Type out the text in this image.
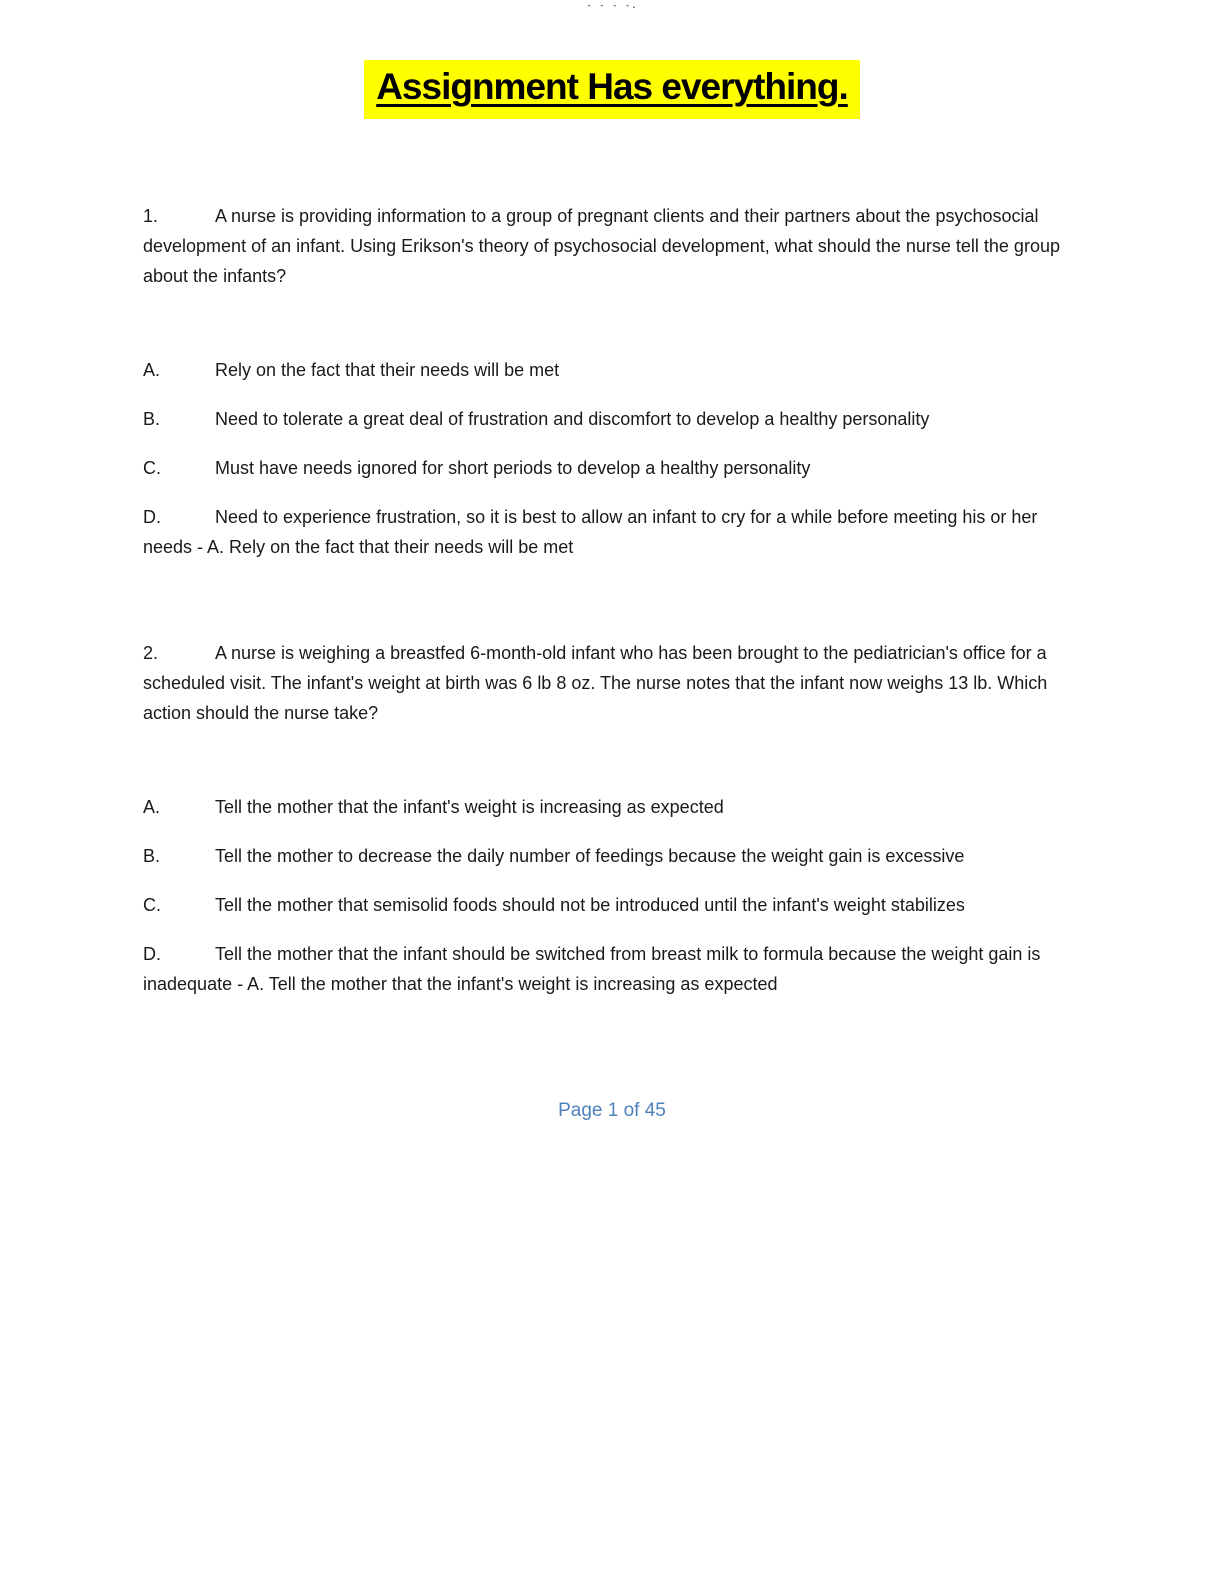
- - - -.
Assignment Has everything.

1.	A nurse is providing information to a group of pregnant clients and their partners about the psychosocial development of an infant. Using Erikson's theory of psychosocial development, what should the nurse tell the group about the infants?

A.	Rely on the fact that their needs will be met

B.	Need to tolerate a great deal of frustration and discomfort to develop a healthy personality

C.	Must have needs ignored for short periods to develop a healthy personality

D.	Need to experience frustration, so it is best to allow an infant to cry for a while before meeting his or her needs - A. Rely on the fact that their needs will be met

2.	A nurse is weighing a breastfed 6-month-old infant who has been brought to the pediatrician's office for a scheduled visit. The infant's weight at birth was 6 lb 8 oz. The nurse notes that the infant now weighs 13 lb. Which action should the nurse take?

A.	Tell the mother that the infant's weight is increasing as expected

B.	Tell the mother to decrease the daily number of feedings because the weight gain is excessive

C.	Tell the mother that semisolid foods should not be introduced until the infant's weight stabilizes

D.	Tell the mother that the infant should be switched from breast milk to formula because the weight gain is inadequate - A. Tell the mother that the infant's weight is increasing as expected

Page 1 of 45
